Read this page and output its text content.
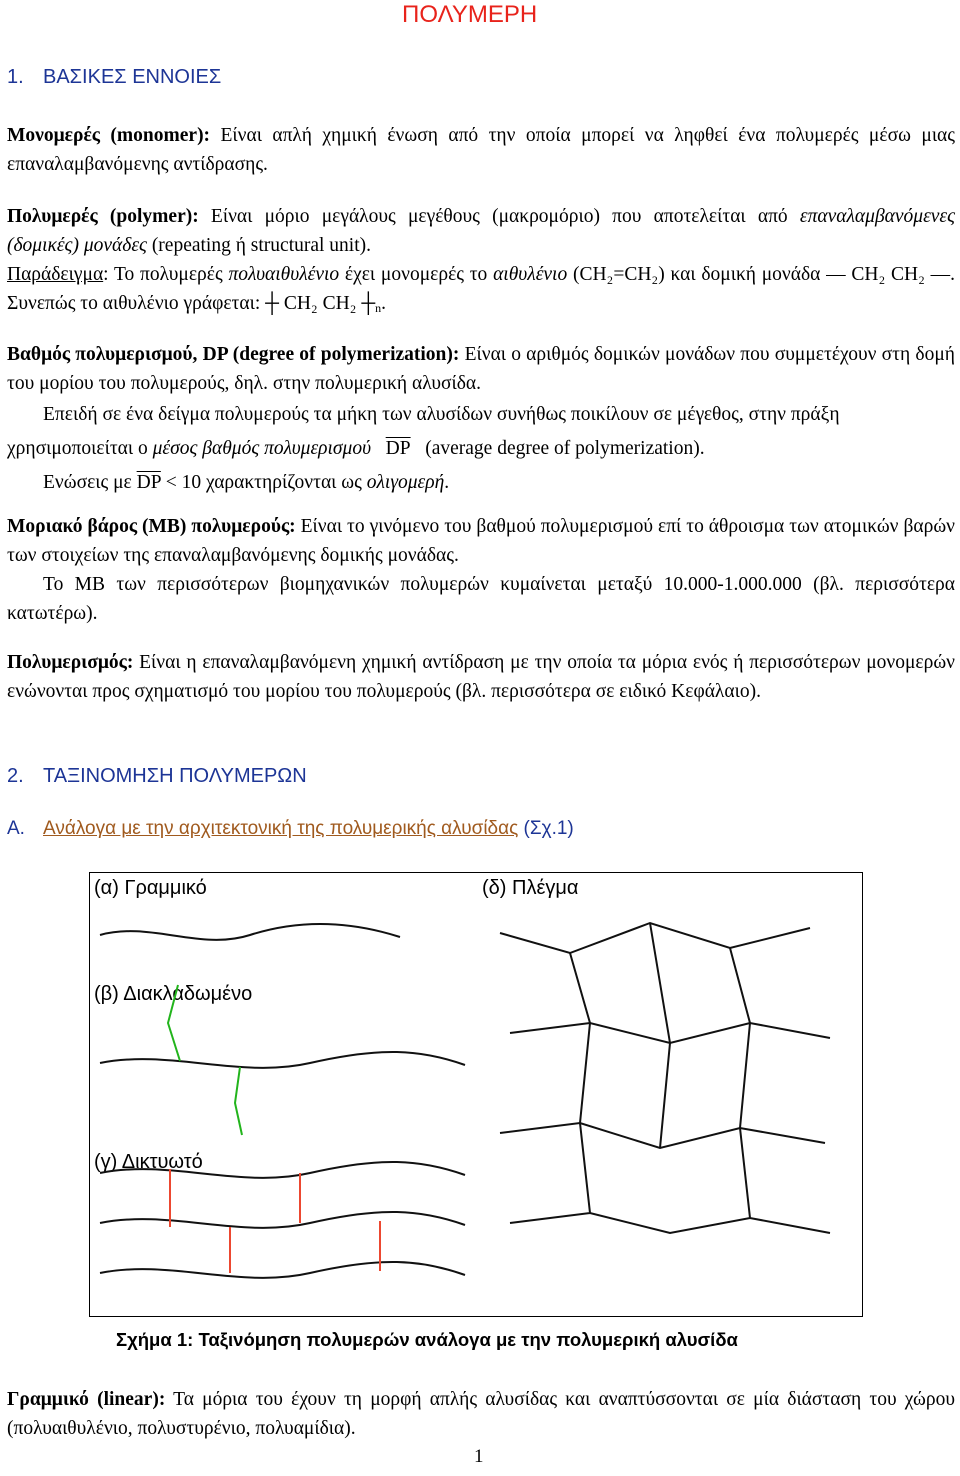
ΠΟΛΥΜΕΡΗ
1. ΒΑΣΙΚΕΣ ΕΝΝΟΙΕΣ

Μονομερές (monomer): Είναι απλή χημική ένωση από την οποία μπορεί να ληφθεί ένα πολυμερές μέσω μιας επαναλαμβανόμενης αντίδρασης.

Πολυμερές (polymer): Είναι μόριο μεγάλους μεγέθους (μακρομόριο) που αποτελείται από επαναλαμβανόμενες (δομικές) μονάδες (repeating ή structural unit).
Παράδειγμα: Το πολυμερές πολυαιθυλένιο έχει μονομερές το αιθυλένιο (CH₂=CH₂) και δομική μονάδα — CH₂ CH₂ —. Συνεπώς το αιθυλένιο γράφεται: ┼ CH₂ CH₂ $┼_n$.

Βαθμός πολυμερισμού, DP (degree of polymerization): Είναι ο αριθμός δομικών μονάδων που συμμετέχουν στη δομή του μορίου του πολυμερούς, δηλ. στην πολυμερική αλυσίδα.

Επειδή σε ένα δείγμα πολυμερούς τα μήκη των αλυσίδων συνήθως ποικίλουν σε μέγεθος, στην πράξη χρησιμοποιείται ο μέσος βαθμός πολυμερισμού $\overline{DP}$ (average degree of polymerization).
Ενώσεις με $\overline{DP} < 10$ χαρακτηρίζονται ως ολιγομερή.

Μοριακό βάρος (ΜΒ) πολυμερούς: Είναι το γινόμενο του βαθμού πολυμερισμού επί το άθροισμα των ατομικών βαρών των στοιχείων της επαναλαμβανόμενης δομικής μονάδας.
Το ΜΒ των περισσότερων βιομηχανικών πολυμερών κυμαίνεται μεταξύ 10.000-1.000.000 (βλ. περισσότερα κατωτέρω).

Πολυμερισμός: Είναι η επαναλαμβανόμενη χημική αντίδραση με την οποία τα μόρια ενός ή περισσότερων μονομερών ενώνονται προς σχηματισμό του μορίου του πολυμερούς (βλ. περισσότερα σε ειδικό Κεφάλαιο).

2. ΤΑΞΙΝΟΜΗΣΗ ΠΟΛΥΜΕΡΩΝ
Α. Ανάλογα με την αρχιτεκτονική της πολυμερικής αλυσίδας (Σχ.1)
(α) Γραμμικό
(β) Διακλαδωμένο
(γ) Δικτυωτό
(δ) Πλέγμα
Σχήμα 1: Ταξινόμηση πολυμερών ανάλογα με την πολυμερική αλυσίδα

Γραμμικό (linear): Τα μόρια του έχουν τη μορφή απλής αλυσίδας και αναπτύσσονται σε μία διάσταση του χώρου (πολυαιθυλένιο, πολυστυρένιο, πολυαμίδια).

1
